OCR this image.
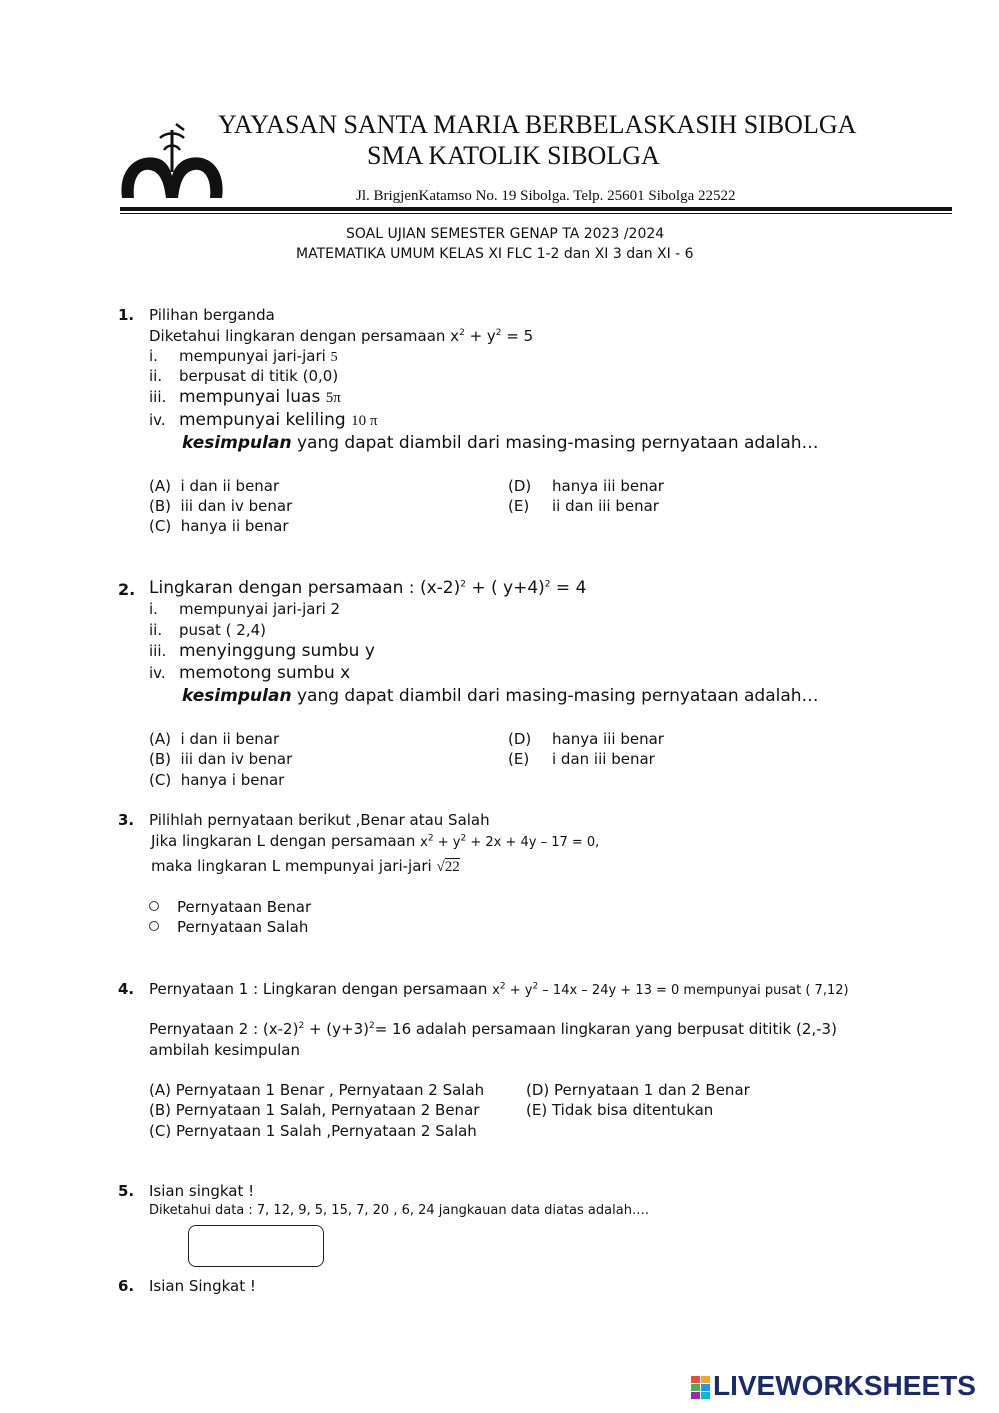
YAYASAN SANTA MARIA BERBELASKASIH SIBOLGA
SMA KATOLIK SIBOLGA
Jl. BrigjenKatamso No. 19 Sibolga. Telp. 25601 Sibolga 22522
SOAL UJIAN SEMESTER GENAP TA 2023 /2024
MATEMATIKA UMUM KELAS XI FLC 1-2 dan XI 3 dan XI - 6
1. Pilihan berganda
Diketahui lingkaran dengan persamaan $x^2 + y^2 = 5$
i. mempunyai jari-jari 5
ii. berpusat di titik (0,0)
iii. mempunyai luas 5π
iv. mempunyai keliling 10 π
kesimpulan yang dapat diambil dari masing-masing pernyataan adalah…
(A) i dan ii benar
(B) iii dan iv benar
(C) hanya ii benar
(D) hanya iii benar
(E) ii dan iii benar
2. Lingkaran dengan persamaan : $(x-2)^2$ + ( y+4)$^2$ = 4
i. mempunyai jari-jari 2
ii. pusat ( 2,4)
iii. menyinggung sumbu y
iv. memotong sumbu x
kesimpulan yang dapat diambil dari masing-masing pernyataan adalah…
(A) i dan ii benar
(B) iii dan iv benar
(C) hanya i benar
(D) hanya iii benar
(E) i dan iii benar
3. Pilihlah pernyataan berikut ,Benar atau Salah
Jika lingkaran L dengan persamaan $x^2 + y^2 + 2x + 4y - 17 = 0$,
maka lingkaran L mempunyai jari-jari √22
Pernyataan Benar
Pernyataan Salah
4. Pernyataan 1 : Lingkaran dengan persamaan $x^2 + y^2 - 14x - 24y + 13 = 0$ mempunyai pusat ( 7,12)
Pernyataan 2 : $(x-2)^2 + (y+3)^2= 16$ adalah persamaan lingkaran yang berpusat dititik (2,-3)
ambilah kesimpulan
(A) Pernyataan 1 Benar , Pernyataan 2 Salah
(B) Pernyataan 1 Salah, Pernyataan 2 Benar
(C) Pernyataan 1 Salah ,Pernyataan 2 Salah
(D) Pernyataan 1 dan 2 Benar
(E) Tidak bisa ditentukan
5. Isian singkat !
Diketahui data : 7, 12, 9, 5, 15, 7, 20 , 6, 24 jangkauan data diatas adalah….
6. Isian Singkat !
LIVEWORKSHEETS
